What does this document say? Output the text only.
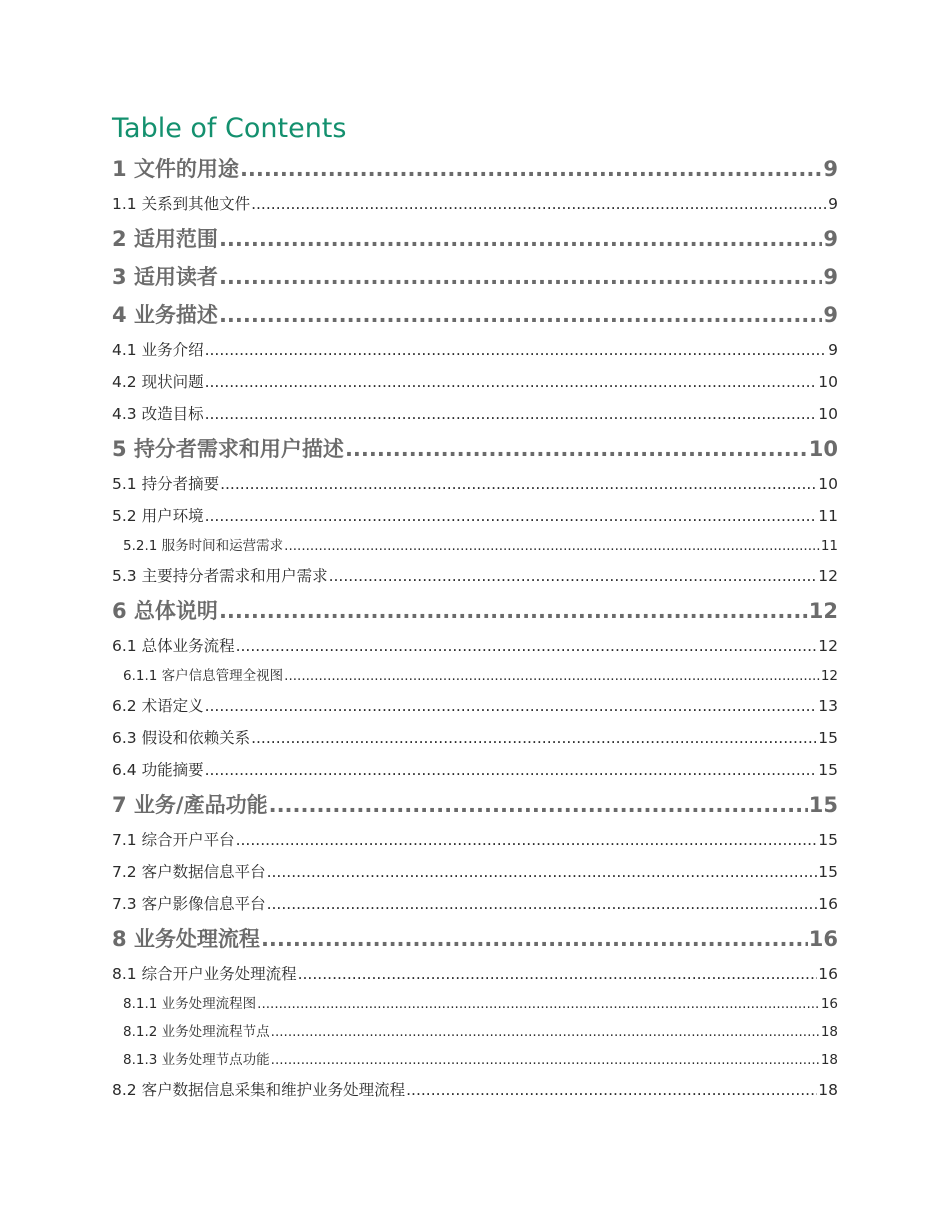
Table of Contents
1 文件的用途 .....	9
1.1 关系到其他文件 .....	9
2 适用范围 .....	9
3 适用读者 .....	9
4 业务描述 .....	9
4.1 业务介绍 .....	9
4.2 现状问题 .....	10
4.3 改造目标 .....	10
5 持分者需求和用户描述 .....	10
5.1 持分者摘要 .....	10
5.2 用户环境 .....	11
5.2.1 服务时间和运营需求 .....	11
5.3 主要持分者需求和用户需求 .....	12
6 总体说明 .....	12
6.1 总体业务流程 .....	12
6.1.1 客户信息管理全视图 .....	12
6.2 术语定义 .....	13
6.3 假设和依赖关系 .....	15
6.4 功能摘要 .....	15
7 业务/產品功能 .....	15
7.1 综合开户平台 .....	15
7.2 客户数据信息平台 .....	15
7.3 客户影像信息平台 .....	16
8 业务处理流程 .....	16
8.1 综合开户业务处理流程 .....	16
8.1.1 业务处理流程图 .....	16
8.1.2 业务处理流程节点 .....	18
8.1.3 业务处理节点功能 .....	18
8.2 客户数据信息采集和维护业务处理流程 .....	18
